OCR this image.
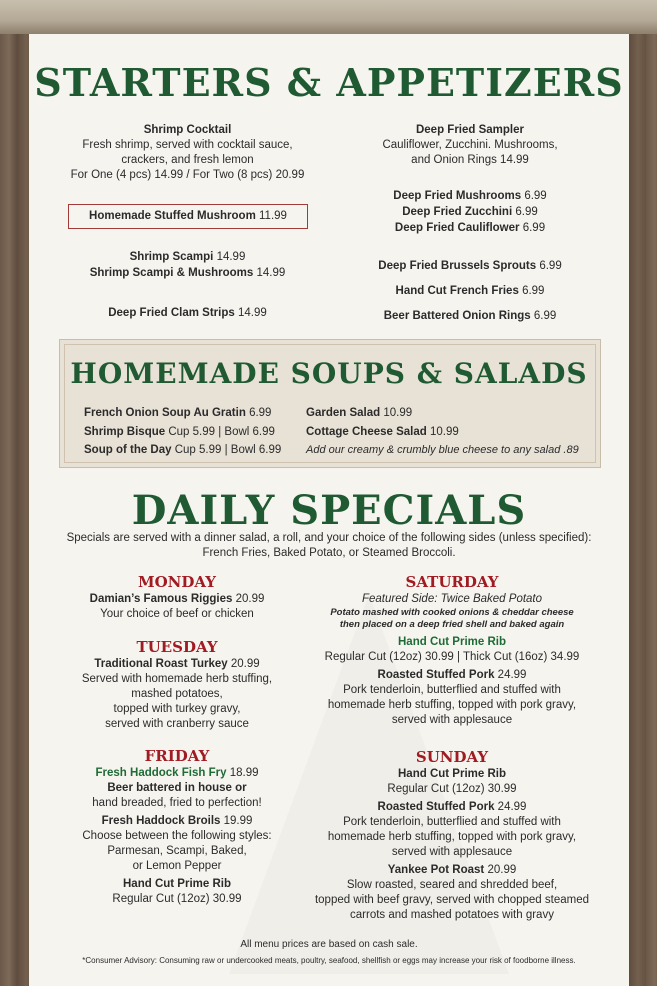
STARTERS & APPETIZERS
Shrimp Cocktail
Fresh shrimp, served with cocktail sauce,
crackers, and fresh lemon
For One (4 pcs) 14.99 / For Two (8 pcs) 20.99
Homemade Stuffed Mushroom 11.99
Shrimp Scampi 14.99
Shrimp Scampi & Mushrooms 14.99
Deep Fried Clam Strips 14.99
Deep Fried Sampler
Cauliflower, Zucchini. Mushrooms,
and Onion Rings 14.99
Deep Fried Mushrooms 6.99
Deep Fried Zucchini 6.99
Deep Fried Cauliflower 6.99
Deep Fried Brussels Sprouts 6.99
Hand Cut French Fries 6.99
Beer Battered Onion Rings 6.99
HOMEMADE SOUPS & SALADS
French Onion Soup Au Gratin 6.99
Shrimp Bisque Cup 5.99 | Bowl 6.99
Soup of the Day Cup 5.99 | Bowl 6.99
Garden Salad 10.99
Cottage Cheese Salad 10.99
Add our creamy & crumbly blue cheese to any salad .89
DAILY SPECIALS
Specials are served with a dinner salad, a roll, and your choice of the following sides (unless specified):
French Fries, Baked Potato, or Steamed Broccoli.
MONDAY
Damian’s Famous Riggies 20.99
Your choice of beef or chicken
TUESDAY
Traditional Roast Turkey 20.99
Served with homemade herb stuffing,
mashed potatoes,
topped with turkey gravy,
served with cranberry sauce
FRIDAY
Fresh Haddock Fish Fry 18.99
Beer battered in house or
hand breaded, fried to perfection!
Fresh Haddock Broils 19.99
Choose between the following styles:
Parmesan, Scampi, Baked,
or Lemon Pepper
Hand Cut Prime Rib
Regular Cut (12oz) 30.99
SATURDAY
Featured Side: Twice Baked Potato
Potato mashed with cooked onions & cheddar cheese
then placed on a deep fried shell and baked again
Hand Cut Prime Rib
Regular Cut (12oz) 30.99 | Thick Cut (16oz) 34.99
Roasted Stuffed Pork 24.99
Pork tenderloin, butterflied and stuffed with
homemade herb stuffing, topped with pork gravy,
served with applesauce
SUNDAY
Hand Cut Prime Rib
Regular Cut (12oz) 30.99
Roasted Stuffed Pork 24.99
Pork tenderloin, butterflied and stuffed with
homemade herb stuffing, topped with pork gravy,
served with applesauce
Yankee Pot Roast 20.99
Slow roasted, seared and shredded beef,
topped with beef gravy, served with chopped steamed
carrots and mashed potatoes with gravy
All menu prices are based on cash sale.
*Consumer Advisory: Consuming raw or undercooked meats, poultry, seafood, shellfish or eggs may increase your risk of foodborne illness.
